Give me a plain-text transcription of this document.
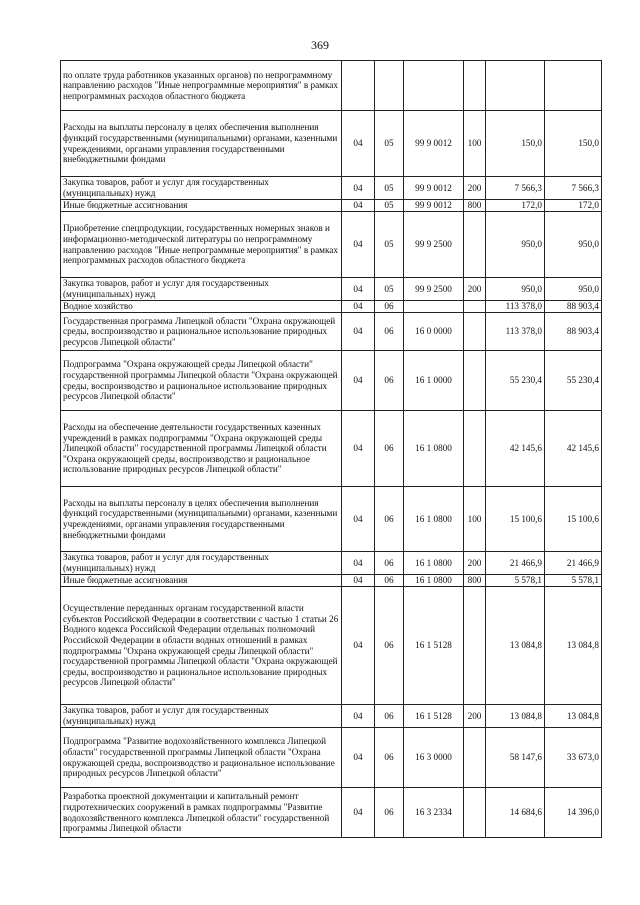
369
по оплате труда работников указанных органов) по непрограммному направлению расходов "Иные непрограммные мероприятия" в рамках непрограммных расходов областного бюджета						
Расходы на выплаты персоналу в целях обеспечения выполнения функций государственными (муниципальными) органами, казенными учреждениями, органами управления государственными внебюджетными фондами	04	05	99 9 0012	100	150,0	150,0
Закупка товаров, работ и услуг для государственных (муниципальных) нужд	04	05	99 9 0012	200	7 566,3	7 566,3
Иные бюджетные ассигнования	04	05	99 9 0012	800	172,0	172,0
Приобретение спецпродукции, государственных номерных знаков и информационно-методической литературы по непрограммному направлению расходов "Иные непрограммные мероприятия" в рамках непрограммных расходов областного бюджета	04	05	99 9 2500		950,0	950,0
Закупка товаров, работ и услуг для государственных (муниципальных) нужд	04	05	99 9 2500	200	950,0	950,0
Водное хозяйство	04	06			113 378,0	88 903,4
Государственная программа Липецкой области "Охрана окружающей среды, воспроизводство и рациональное использование природных ресурсов Липецкой области"	04	06	16 0 0000		113 378,0	88 903,4
Подпрограмма "Охрана окружающей среды Липецкой области" государственной программы Липецкой области "Охрана окружающей среды, воспроизводство и рациональное использование природных ресурсов Липецкой области"	04	06	16 1 0000		55 230,4	55 230,4
Расходы на обеспечение деятельности государственных казенных учреждений в рамках подпрограммы "Охрана окружающей среды Липецкой области" государственной программы Липецкой области "Охрана окружающей среды, воспроизводство и рациональное использование природных ресурсов Липецкой области"	04	06	16 1 0800		42 145,6	42 145,6
Расходы на выплаты персоналу в целях обеспечения выполнения функций государственными (муниципальными) органами, казенными учреждениями, органами управления государственными внебюджетными фондами	04	06	16 1 0800	100	15 100,6	15 100,6
Закупка товаров, работ и услуг для государственных (муниципальных) нужд	04	06	16 1 0800	200	21 466,9	21 466,9
Иные бюджетные ассигнования	04	06	16 1 0800	800	5 578,1	5 578,1
Осуществление переданных органам государственной власти субъектов Российской Федерации в соответствии с частью 1 статьи 26 Водного кодекса Российской Федерации отдельных полномочий Российской Федерации в области водных отношений в рамках подпрограммы "Охрана окружающей среды Липецкой области" государственной программы Липецкой области "Охрана окружающей среды, воспроизводство и рациональное использование природных ресурсов Липецкой области"	04	06	16 1 5128		13 084,8	13 084,8
Закупка товаров, работ и услуг для государственных (муниципальных) нужд	04	06	16 1 5128	200	13 084,8	13 084,8
Подпрограмма "Развитие водохозяйственного комплекса Липецкой области" государственной программы Липецкой области "Охрана окружающей среды, воспроизводство и рациональное использование природных ресурсов Липецкой области"	04	06	16 3 0000		58 147,6	33 673,0
Разработка проектной документации и капитальный ремонт гидротехнических сооружений в рамках подпрограммы "Развитие водохозяйственного комплекса Липецкой области" государственной программы Липецкой области	04	06	16 3 2334		14 684,6	14 396,0
